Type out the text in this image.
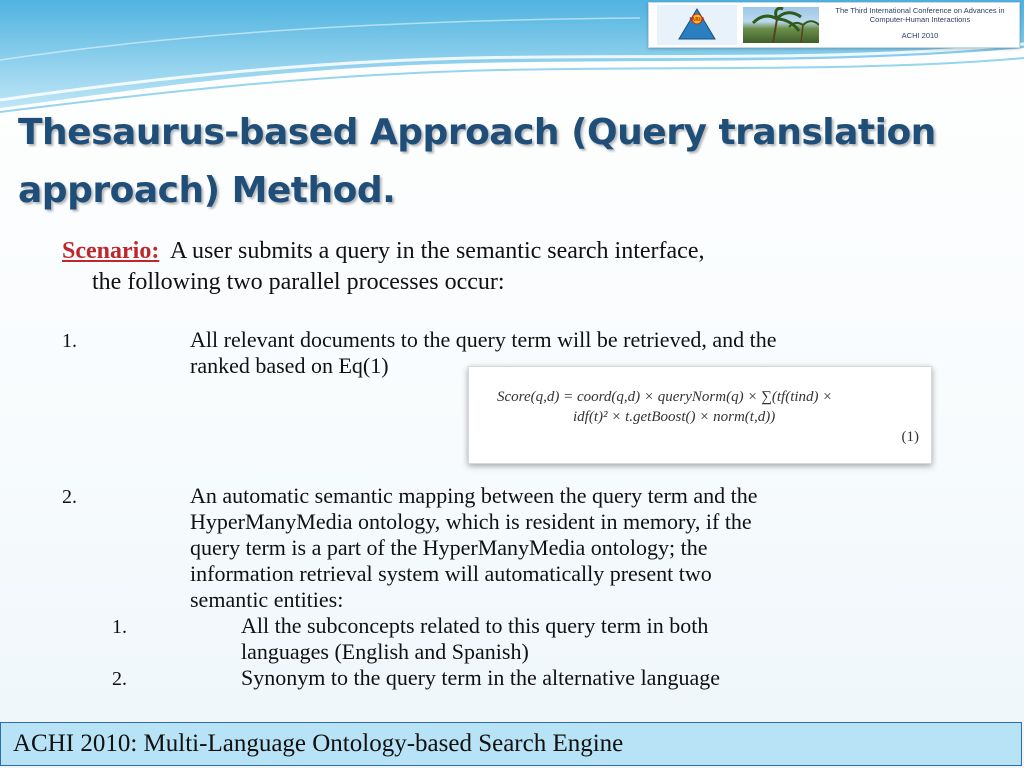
IARIA
The Third International Conference on Advances in
Computer-Human Interactions
ACHI 2010
Thesaurus-based Approach (Query translation
approach) Method.
Scenario: A user submits a query in the semantic search interface,
the following two parallel processes occur:
1.	All relevant documents to the query term will be retrieved, and the
ranked based on Eq(1)
Score(q,d) = coord(q,d) × queryNorm(q) × ∑(tf(tind) ×
idf(t)² × t.getBoost() × norm(t,d))
(1)
2.	An automatic semantic mapping between the query term and the
HyperManyMedia ontology, which is resident in memory, if the
query term is a part of the HyperManyMedia ontology; the
information retrieval system will automatically present two
semantic entities:
1.	All the subconcepts related to this query term in both
languages (English and Spanish)
2.	Synonym to the query term in the alternative language
ACHI 2010: Multi-Language Ontology-based Search Engine
